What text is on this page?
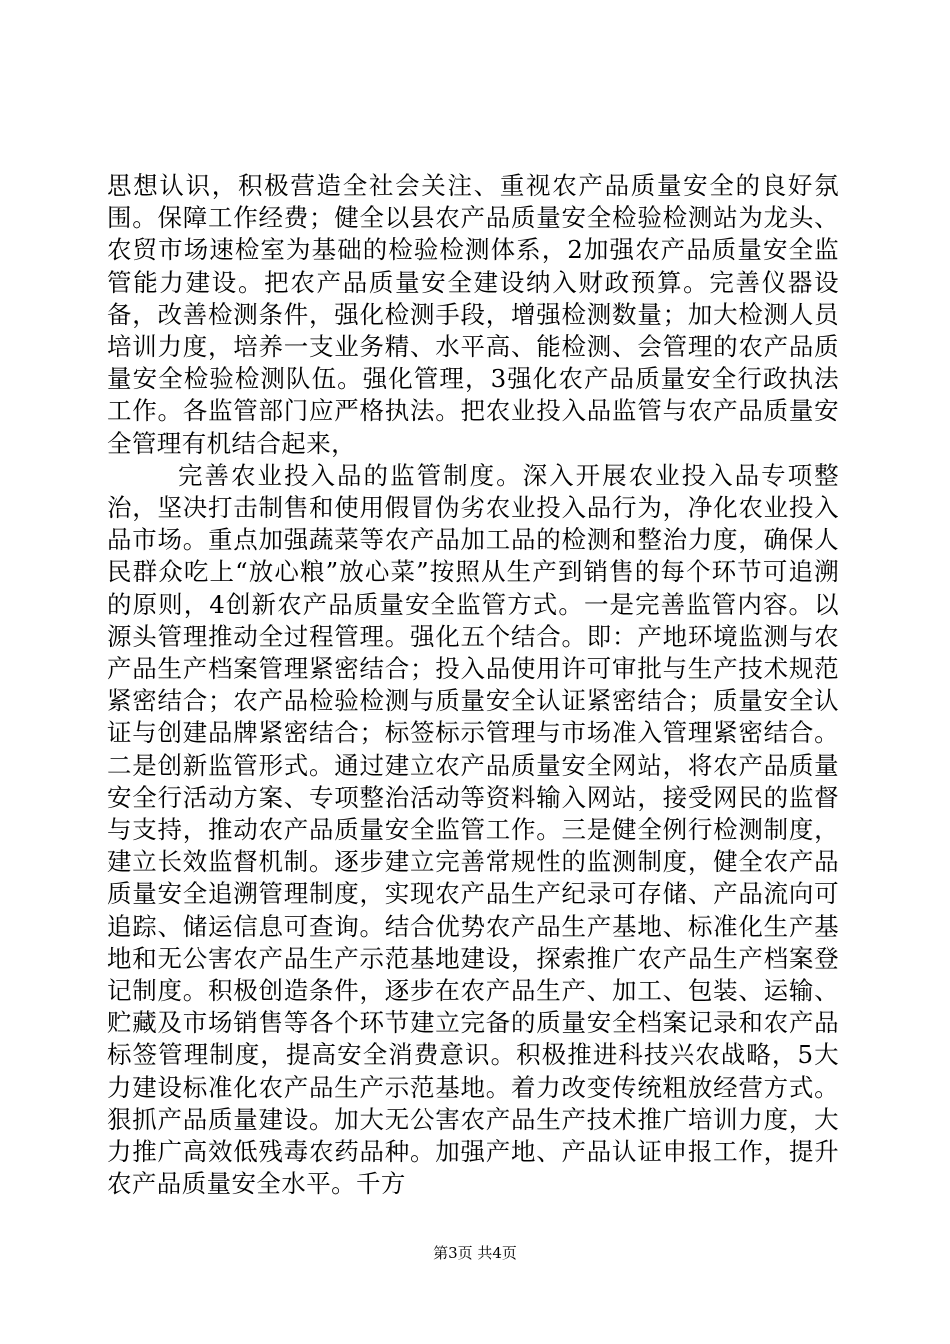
思想认识，积极营造全社会关注、重视农产品质量安全的良好氛围。保障工作经费；健全以县农产品质量安全检验检测站为龙头、农贸市场速检室为基础的检验检测体系，2加强农产品质量安全监管能力建设。把农产品质量安全建设纳入财政预算。完善仪器设备，改善检测条件，强化检测手段，增强检测数量；加大检测人员培训力度，培养一支业务精、水平高、能检测、会管理的农产品质量安全检验检测队伍。强化管理，3强化农产品质量安全行政执法工作。各监管部门应严格执法。把农业投入品监管与农产品质量安全管理有机结合起来，

完善农业投入品的监管制度。深入开展农业投入品专项整治，坚决打击制售和使用假冒伪劣农业投入品行为，净化农业投入品市场。重点加强蔬菜等农产品加工品的检测和整治力度，确保人民群众吃上“放心粮”放心菜”按照从生产到销售的每个环节可追溯的原则，4创新农产品质量安全监管方式。一是完善监管内容。以源头管理推动全过程管理。强化五个结合。即：产地环境监测与农产品生产档案管理紧密结合；投入品使用许可审批与生产技术规范紧密结合；农产品检验检测与质量安全认证紧密结合；质量安全认证与创建品牌紧密结合；标签标示管理与市场准入管理紧密结合。二是创新监管形式。通过建立农产品质量安全网站，将农产品质量安全行活动方案、专项整治活动等资料输入网站，接受网民的监督与支持，推动农产品质量安全监管工作。三是健全例行检测制度，建立长效监督机制。逐步建立完善常规性的监测制度，健全农产品质量安全追溯管理制度，实现农产品生产纪录可存储、产品流向可追踪、储运信息可查询。结合优势农产品生产基地、标准化生产基地和无公害农产品生产示范基地建设，探索推广农产品生产档案登记制度。积极创造条件，逐步在农产品生产、加工、包装、运输、贮藏及市场销售等各个环节建立完备的质量安全档案记录和农产品标签管理制度，提高安全消费意识。积极推进科技兴农战略，5大力建设标准化农产品生产示范基地。着力改变传统粗放经营方式。狠抓产品质量建设。加大无公害农产品生产技术推广培训力度，大力推广高效低残毒农药品种。加强产地、产品认证申报工作，提升农产品质量安全水平。千方

第3页 共4页
